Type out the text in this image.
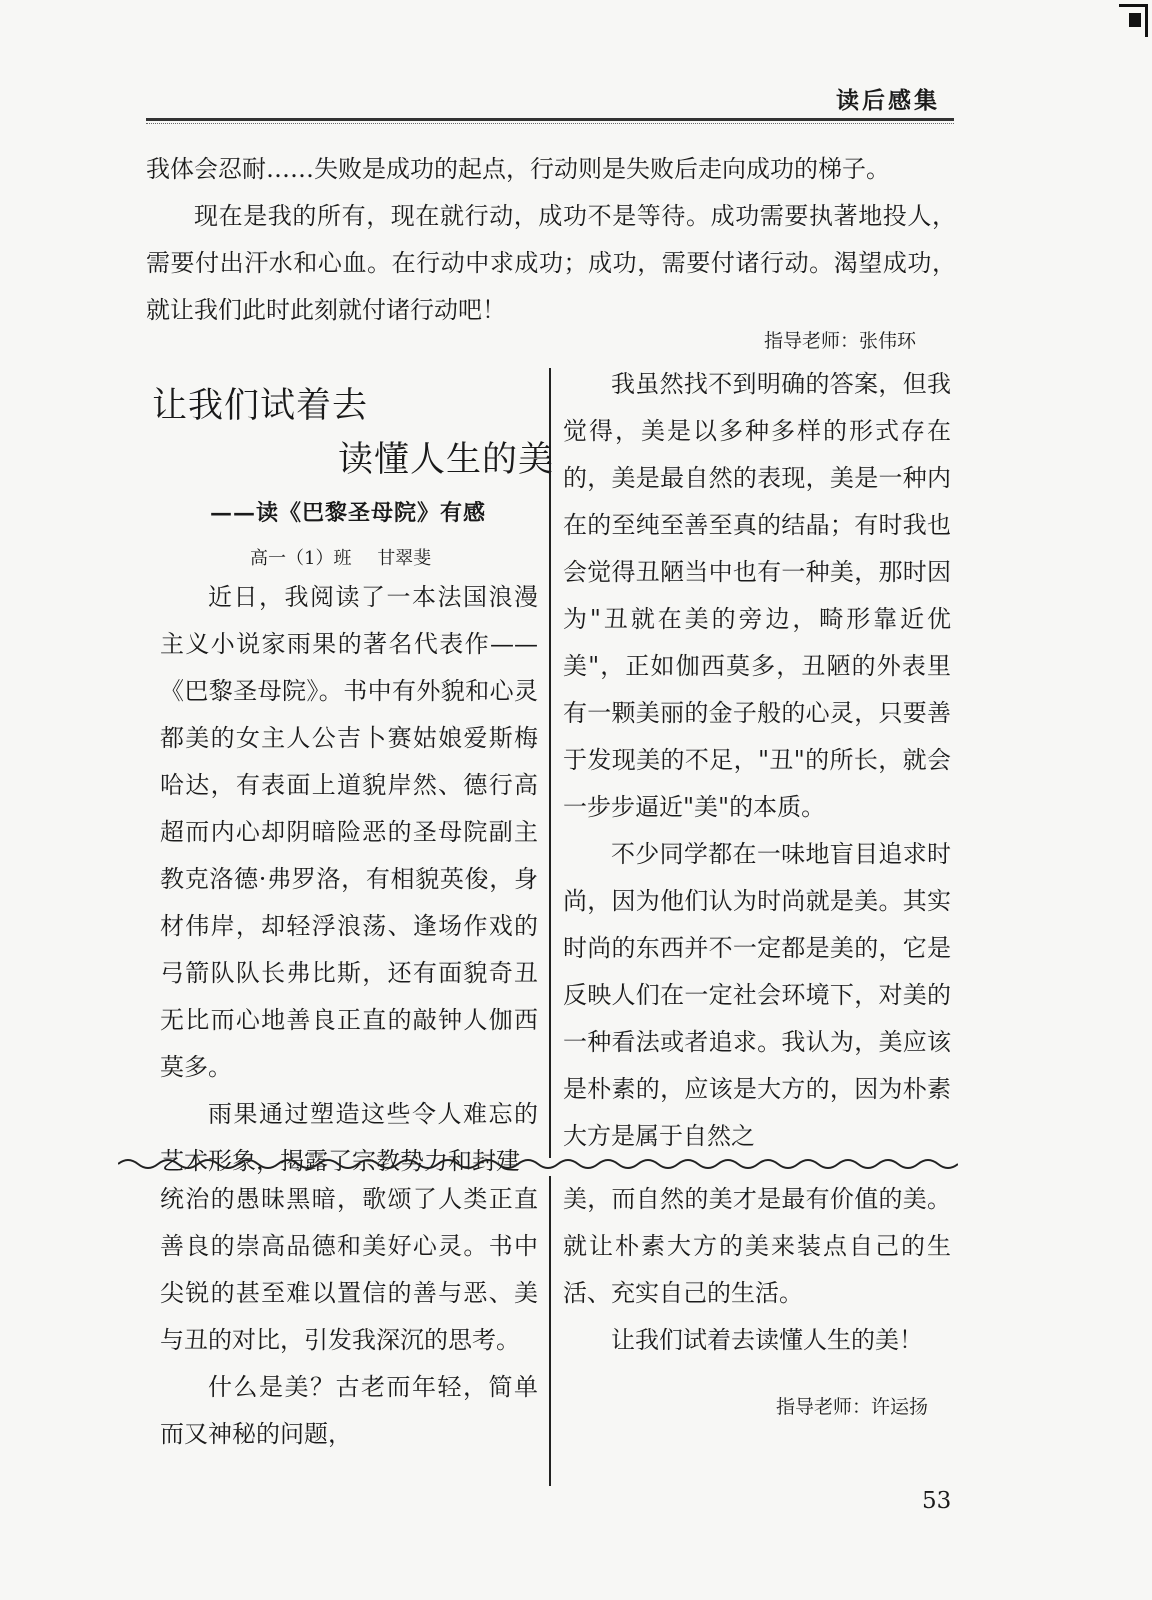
读后感集

我体会忍耐……失败是成功的起点，行动则是失败后走向成功的梯子。

现在是我的所有，现在就行动，成功不是等待。成功需要执著地投人，需要付出汗水和心血。在行动中求成功；成功，需要付诸行动。渴望成功，就让我们此时此刻就付诸行动吧！

指导老师：张伟环
让我们试着去
读懂人生的美
——读《巴黎圣母院》有感
高一（1）班 甘翠斐

近日，我阅读了一本法国浪漫主义小说家雨果的著名代表作——《巴黎圣母院》。书中有外貌和心灵都美的女主人公吉卜赛姑娘爱斯梅哈达，有表面上道貌岸然、德行高超而内心却阴暗险恶的圣母院副主教克洛德·弗罗洛，有相貌英俊，身材伟岸，却轻浮浪荡、逢场作戏的弓箭队队长弗比斯，还有面貌奇丑无比而心地善良正直的敲钟人伽西莫多。

雨果通过塑造这些令人难忘的艺术形象，揭露了宗教势力和封建

我虽然找不到明确的答案，但我觉得，美是以多种多样的形式存在的，美是最自然的表现，美是一种内在的至纯至善至真的结晶；有时我也会觉得丑陋当中也有一种美，那时因为"丑就在美的旁边，畸形靠近优美"，正如伽西莫多，丑陋的外表里有一颗美丽的金子般的心灵，只要善于发现美的不足，"丑"的所长，就会一步步逼近"美"的本质。

不少同学都在一味地盲目追求时尚，因为他们认为时尚就是美。其实时尚的东西并不一定都是美的，它是反映人们在一定社会环境下，对美的一种看法或者追求。我认为，美应该是朴素的，应该是大方的，因为朴素大方是属于自然之

统治的愚昧黑暗，歌颂了人类正直善良的崇高品德和美好心灵。书中尖锐的甚至难以置信的善与恶、美与丑的对比，引发我深沉的思考。

什么是美？古老而年轻，简单而又神秘的问题，

美，而自然的美才是最有价值的美。就让朴素大方的美来装点自己的生活、充实自己的生活。

让我们试着去读懂人生的美！

指导老师：许运扬
53
